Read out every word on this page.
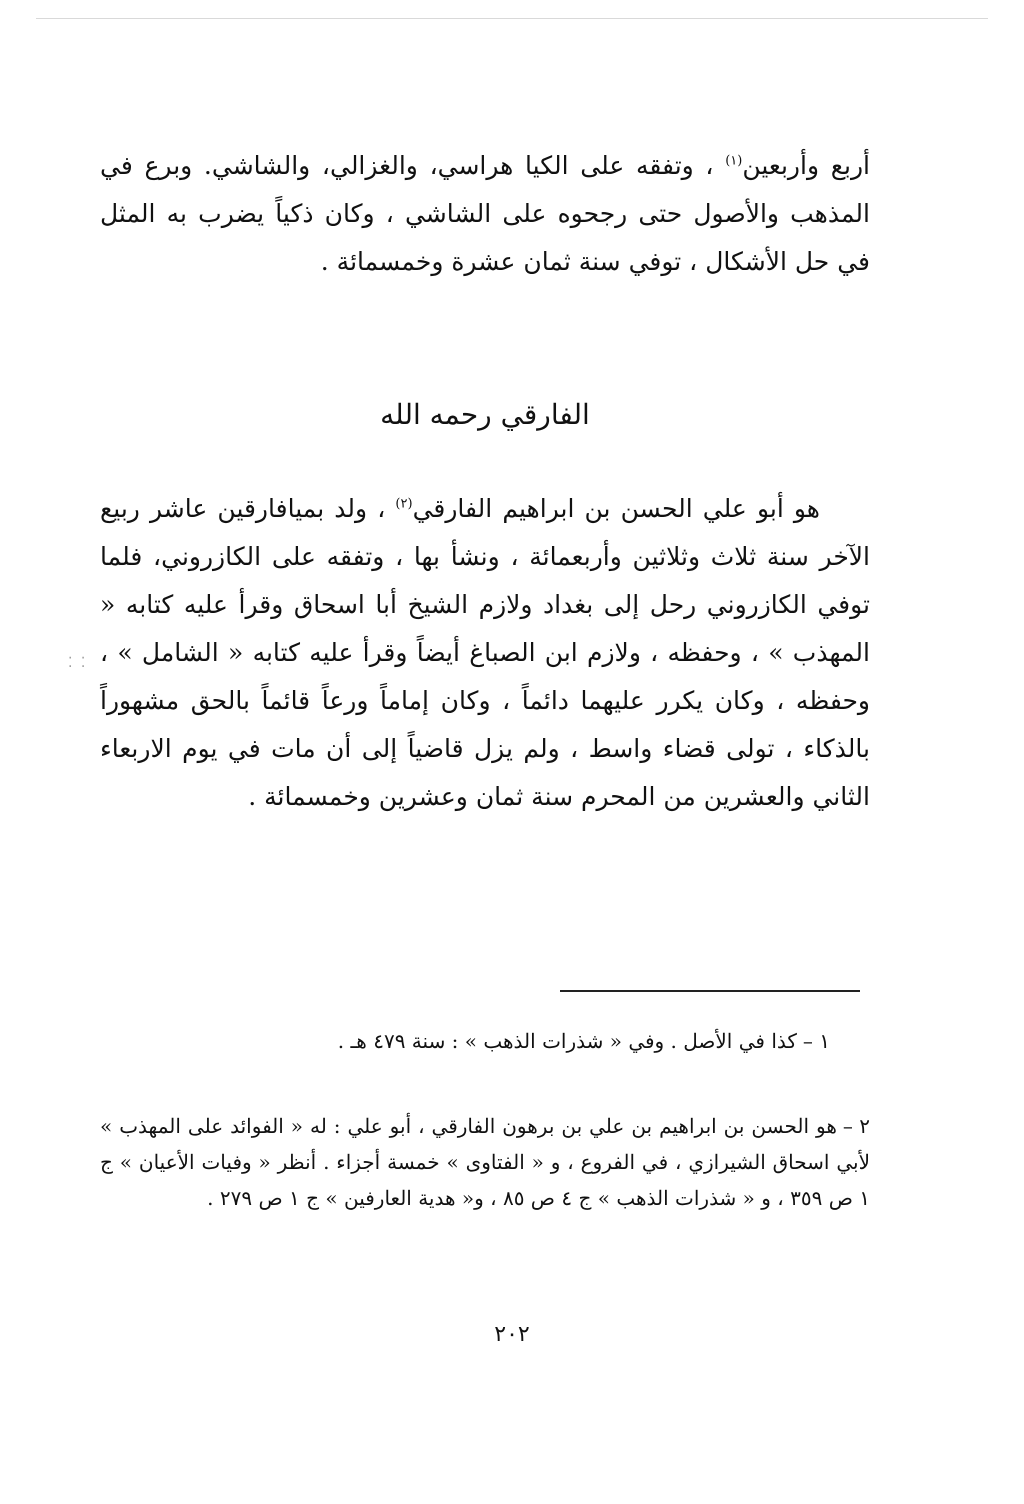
⁚ ⁚

أربع وأربعين$^{(١)}$ ، وتفقه على الكيا هراسي، والغزالي، والشاشي. وبرع في المذهب والأصول حتى رجحوه على الشاشي ، وكان ذكياً يضرب به المثل في حل الأشكال ، توفي سنة ثمان عشرة وخمسمائة .

الفارقي رحمه الله

هو أبو علي الحسن بن ابراهيم الفارقي$^{(٢)}$ ، ولد بميافارقين عاشر ربيع الآخر سنة ثلاث وثلاثين وأربعمائة ، ونشأ بها ، وتفقه على الكازروني، فلما توفي الكازروني رحل إلى بغداد ولازم الشيخ أبا اسحاق وقرأ عليه كتابه « المهذب » ، وحفظه ، ولازم ابن الصباغ أيضاً وقرأ عليه كتابه « الشامل » ، وحفظه ، وكان يكرر عليهما دائماً ، وكان إماماً ورعاً قائماً بالحق مشهوراً بالذكاء ، تولى قضاء واسط ، ولم يزل قاضياً إلى أن مات في يوم الاربعاء الثاني والعشرين من المحرم سنة ثمان وعشرين وخمسمائة .

١ –كذا في الأصل . وفي « شذرات الذهب » : سنة ٤٧٩ هـ .

٢ –هو الحسن بن ابراهيم بن علي بن برهون الفارقي ، أبو علي : له « الفوائد على المهذب » لأبي اسحاق الشيرازي ، في الفروع ، و « الفتاوى » خمسة أجزاء . أنظر « وفيات الأعيان » ج ١ ص ٣٥٩ ، و « شذرات الذهب » ج ٤ ص ٨٥ ، و« هدية العارفين » ج ١ ص ٢٧٩ .

٢٠٢
